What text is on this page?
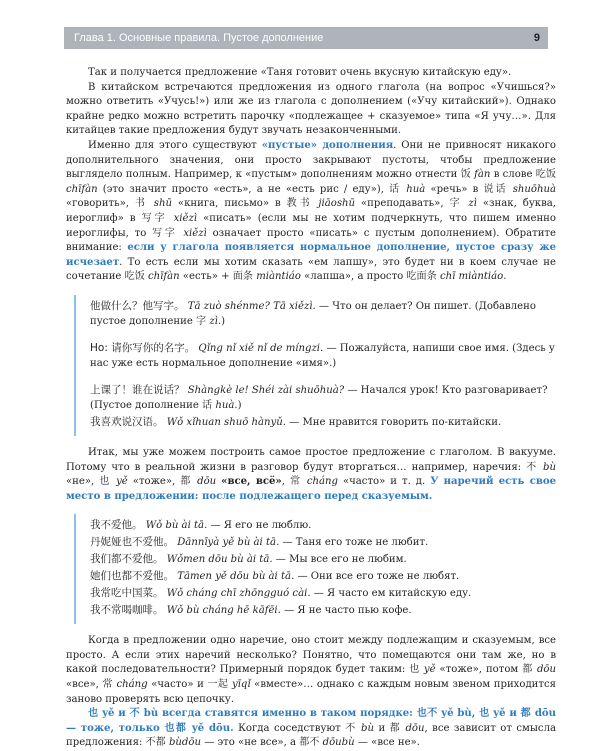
Глава 1. Основные правила. Пустое дополнение	9

Так и получается предложение «Таня готовит очень вкусную китайскую еду».

В китайском встречаются предложения из одного глагола (на вопрос «Учишься?» можно ответить «Учусь!») или же из глагола с дополнением («Учу китайский»). Однако крайне редко можно встретить парочку «подлежащее + сказуемое» типа «Я учу…». Для китайцев такие предложения будут звучать незаконченными.

Именно для этого существуют «пустые» дополнения. Они не привносят никакого дополнительного значения, они просто закрывают пустоты, чтобы предложение выглядело полным. Например, к «пустым» дополнениям можно отнести 饭 fàn в слове 吃饭 chīfàn (это значит просто «есть», а не «есть рис / еду»), 话 huà «речь» в 说话 shuōhuà «говорить», 书 shū «книга, письмо» в 教书 jiāoshū «преподавать», 字 zì «знак, буква, иероглиф» в 写字 xiězì «писать» (если мы не хотим подчеркнуть, что пишем именно иероглифы, то 写字 xiězì означает просто «писать» с пустым дополнением). Обратите внимание: если у глагола появляется нормальное дополнение, пустое сразу же исчезает. То есть если мы хотим сказать «ем лапшу», это будет ни в коем случае не сочетание 吃饭 chīfàn «есть» + 面条 miàntiáo «лапша», а просто 吃面条 chī miàntiáo.

他做什么？他写字。 Tā zuò shénme? Tā xiězì. — Что он делает? Он пишет. (Добавлено пустое дополнение 字 zì.)
Но: 请你写你的名字。 Qǐng nǐ xiě nǐ de míngzi. — Пожалуйста, напиши свое имя. (Здесь у нас уже есть нормальное дополнение «имя».)
上课了！谁在说话？ Shàngkè le! Shéi zài shuōhuà? — Начался урок! Кто разговаривает? (Пустое дополнение 话 huà.)
我喜欢说汉语。 Wǒ xǐhuan shuō hànyǔ. — Мне нравится говорить по-китайски.

Итак, мы уже можем построить самое простое предложение с глаголом. В вакууме. Потому что в реальной жизни в разговор будут вторгаться… например, наречия: 不 bù «не», 也 yě «тоже», 都 dōu «все, всё», 常 cháng «часто» и т. д. У наречий есть свое место в предложении: после подлежащего перед сказуемым.

我不爱他。 Wǒ bù ài tā. — Я его не люблю.
丹妮娅也不爱他。 Dānnīyà yě bù ài tā. — Таня его тоже не любит.
我们都不爱他。 Wǒmen dōu bù ài tā. — Мы все его не любим.
她们也都不爱他。 Tāmen yě dōu bù ài tā. — Они все его тоже не любят.
我常吃中国菜。 Wǒ cháng chī zhōngguó cài. — Я часто ем китайскую еду.
我不常喝咖啡。 Wǒ bù cháng hē kāfēi. — Я не часто пью кофе.

Когда в предложении одно наречие, оно стоит между подлежащим и сказуемым, все просто. А если этих наречий несколько? Понятно, что помещаются они там же, но в какой последовательности? Примерный порядок будет таким: 也 yě «тоже», потом 都 dōu «все», 常 cháng «часто» и 一起 yīqǐ «вместе»… однако с каждым новым звеном приходится заново проверять всю цепочку.

也 yě и 不 bù всегда ставятся именно в таком порядке: 也不 yě bù, 也 yě и 都 dōu — тоже, только 也都 yě dōu. Когда соседствуют 不 bù и 都 dōu, все зависит от смысла предложения: 不都 bùdōu — это «не все», а 都不 dōubù — «все не».
